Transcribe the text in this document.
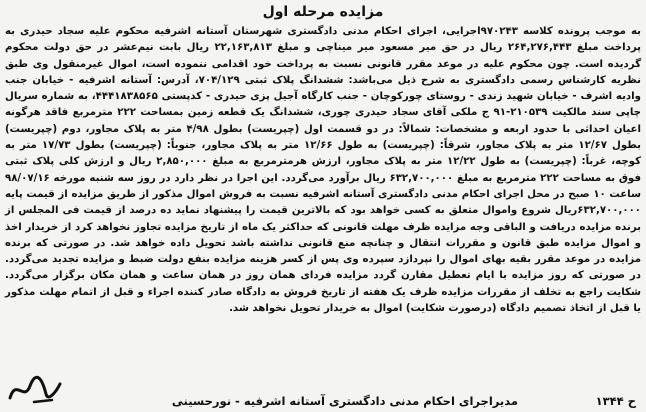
مزایده مرحله اول

به موجب پرونده کلاسه ۹۷۰۲۴۳اجرایی، اجرای احکام مدنی دادگستری شهرستان آستانه اشرفیه محکوم علیه سجاد حیدری به پرداخت مبلغ ۲۶۴,۲۷۶,۴۴۳ ریال در حق میر مسعود میر میناچی و مبلغ ۲۲,۱۶۳,۸۱۳ ریال بابت نیم‌عشر در حق دولت محکوم گردیده است. چون محکوم علیه در موعد مقرر قانونی نسبت به پرداخت خود اقدامی ننموده است، اموال غیرمنقول وی طبق نظریه کارشناس رسمی دادگستری به شرح ذیل می‌باشد: ششدانگ پلاک ثبتی ۷۰۴/۱۲۹، آدرس: آستانه اشرفیه - خیابان جنب وادیه اشرف - خیابان شهید زندی - روستای چورکوچان - جنب کارگاه آجیل پزی حیدری - کدپستی ۴۴۴۱۸۳۸۵۶۵، به شماره سریال چاپی سند مالکیت ۲۱۰۵۳۹-۹۱ ج ملکی آقای سجاد حیدری چوری، ششدانگ یک قطعه زمین بمساحت ۲۲۲ مترمربع فاقد هرگونه اعیان احداثی با حدود اربعه و مشخصات: شمالاً: در دو قسمت اول (چپریست) بطول ۴/۹۸ متر به پلاک مجاور، دوم (چپریست) بطول ۱۲/۶۷ متر به پلاک مجاور، شرقاً: (چپریست) به طول ۱۲/۶۶ متر به پلاک مجاور، جنوباً: (چپریست) بطول ۱۷/۷۳ متر به کوچه، غرباً: (چپریست) به طول ۱۲/۲۲ متر به پلاک مجاور، ارزش هرمترمربع به مبلغ ۲,۸۵۰,۰۰۰ ریال و ارزش کلی پلاک ثبتی فوق به مساحت ۲۲۲ مترمربع به مبلغ ۶۳۲,۷۰۰,۰۰۰ ریال برآورد می‌گردد. این اجرا در نظر دارد در روز سه شنبه مورخه ۹۸/۰۷/۱۶ ساعت ۱۰ صبح در محل اجرای احکام مدنی دادگستری آستانه اشرفیه نسبت به فروش اموال مذکور از طریق مزایده از قیمت پایه ۶۳۲,۷۰۰,۰۰۰ریال شروع واموال متعلق به کسی خواهد بود که بالاترین قیمت را پیشنهاد نماید ده درصد از قیمت فی المجلس از برنده مزایده دریافت و الباقی وجه مزایده ظرف مهلت قانونی که حداکثر یک ماه از تاریخ مزایده تجاوز نخواهد کرد از خریدار اخذ و اموال مزایده طبق قانون و مقررات انتقال و چنانچه منع قانونی نداشته باشد تحویل داده خواهد شد. در صورتی که برنده مزایده در موعد مقرر بقیه بهای اموال را نپردازد سپرده وی پس از کسر هزینه مزایده بنفع دولت ضبط و مزایده تجدید می‌گردد. در صورتی که روز مزایده با ایام تعطیل مقارن گردد مزایده فردای همان روز در همان ساعت و همان مکان برگزار می‌گردد. شکایت راجع به تخلف از مقررات مزایده ظرف یک هفته از تاریخ فروش به دادگاه صادر کننده اجراء و قبل از اتمام مهلت مذکور یا قبل از اتخاذ تصمیم دادگاه (درصورت شکایت) اموال به خریدار تحویل نخواهد شد.

ح ۱۳۴۴
مدیراجرای احکام مدنی دادگستری آستانه اشرفیه - نورحسینی
